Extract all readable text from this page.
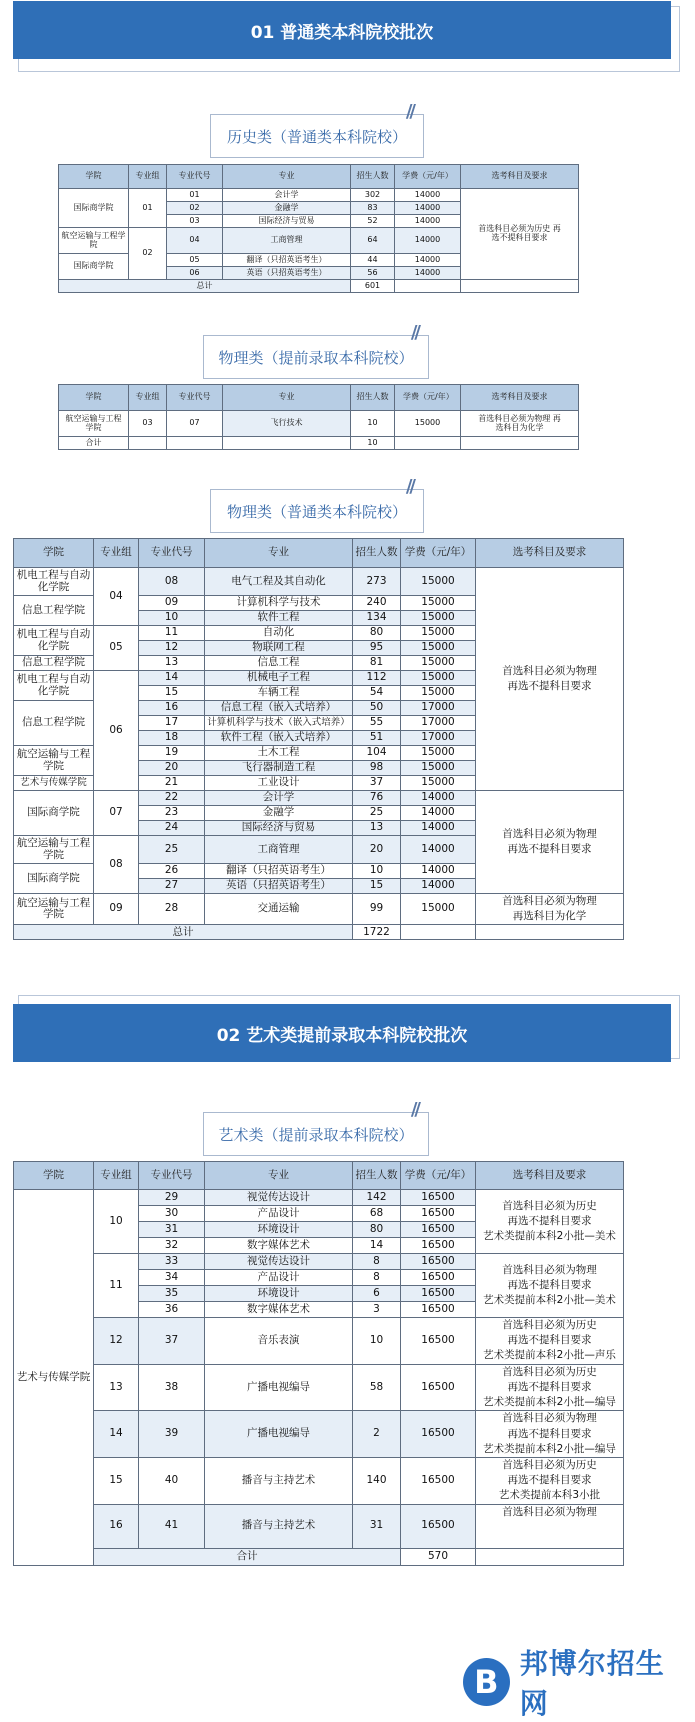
01 普通类本科院校批次
//
历史类（普通类本科院校）
学院	专业组	专业代号	专业	招生人数	学费（元/年）	选考科目及要求
国际商学院	01	01	会计学	302	14000	首选科目必须为历史 再选不提科目要求
		02	金融学	83	14000	
		03	国际经济与贸易	52	14000	
航空运输与工程学院	02	04	工商管理	64	14000	
国际商学院		05	翻译（只招英语考生）	44	14000	
		06	英语（只招英语考生）	56	14000	
总计				601		
//
物理类（提前录取本科院校）
学院	专业组	专业代号	专业	招生人数	学费（元/年）	选考科目及要求
航空运输与工程学院	03	07	飞行技术	10	15000	首选科目必须为物理 再选科目为化学
合计				10		
//
物理类（普通类本科院校）
学院	专业组	专业代号	专业	招生人数	学费（元/年）	选考科目及要求
机电工程与自动化学院	04	08	电气工程及其自动化	273	15000	首选科目必须为物理 再选不提科目要求
信息工程学院		09	计算机科学与技术	240	15000	
		10	软件工程	134	15000	
机电工程与自动化学院	05	11	自动化	80	15000	
		12	物联网工程	95	15000	
信息工程学院		13	信息工程	81	15000	
机电工程与自动化学院	06	14	机械电子工程	112	15000	
		15	车辆工程	54	15000	
信息工程学院		16	信息工程（嵌入式培养）	50	17000	
		17	计算机科学与技术（嵌入式培养）	55	17000	
		18	软件工程（嵌入式培养）	51	17000	
航空运输与工程学院		19	土木工程	104	15000	
		20	飞行器制造工程	98	15000	
艺术与传媒学院		21	工业设计	37	15000	
国际商学院	07	22	会计学	76	14000	首选科目必须为物理 再选不提科目要求
		23	金融学	25	14000	
		24	国际经济与贸易	13	14000	
航空运输与工程学院	08	25	工商管理	20	14000	
国际商学院		26	翻译（只招英语考生）	10	14000	
		27	英语（只招英语考生）	15	14000	
航空运输与工程学院	09	28	交通运输	99	15000	首选科目必须为物理 再选科目为化学
总计				1722		
02 艺术类提前录取本科院校批次
//
艺术类（提前录取本科院校）
学院	专业组	专业代号	专业	招生人数	学费（元/年）	选考科目及要求	
艺术与传媒学院	10	29	视觉传达设计	142	16500	首选科目必须为历史
再选不提科目要求
艺术类提前本科2小批—美术	

		30	产品设计	68	16500		
		31	环境设计	80	16500		
		32	数字媒体艺术	14	16500		
	11	33	视觉传达设计	8	16500	首选科目必须为物理
再选不提科目要求
艺术类提前本科2小批—美术	

		34	产品设计	8	16500		
		35	环境设计	6	16500		
		36	数字媒体艺术	3	16500		
	12	37	音乐表演	10	16500	首选科目必须为历史
再选不提科目要求
艺术类提前本科2小批—声乐	

	13	38	广播电视编导	58	16500	首选科目必须为历史
再选不提科目要求
艺术类提前本科2小批—编导	

	14	39	广播电视编导	2	16500	首选科目必须为物理
再选不提科目要求
艺术类提前本科2小批—编导	

	15	40	播音与主持艺术	140	16500	首选科目必须为历史
再选不提科目要求
艺术类提前本科3小批	

	16	41	播音与主持艺术	31	16500	首选科目必须为物理	

	合计				570		
B 邦博尔招生网
